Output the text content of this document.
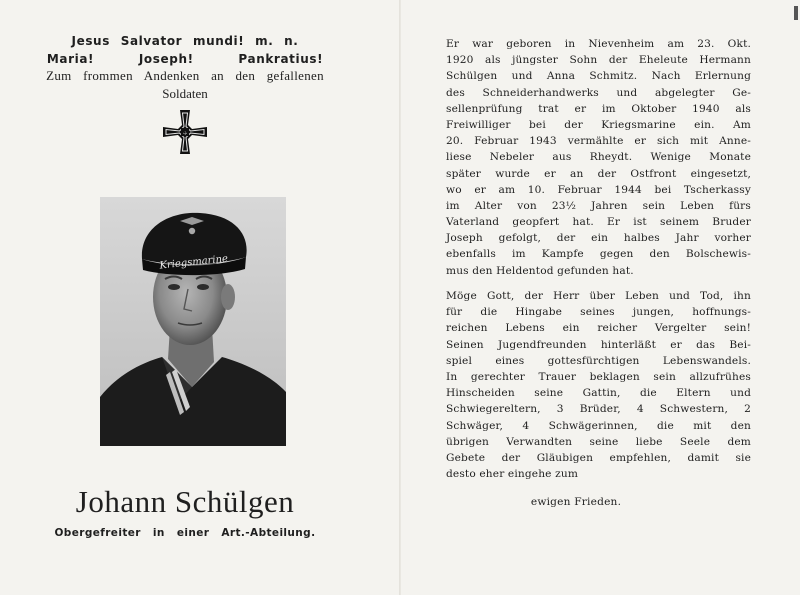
Jesus Salvator mundi! m. n.
Maria! Joseph! Pankratius!
Zum frommen Andenken an den gefallenen
Soldaten
☩
Kriegsmarine
Johann Schülgen
Obergefreiter in einer Art.-Abteilung.
Er war geboren in Nievenheim am 23. Okt.
1920 als jüngster Sohn der Eheleute Hermann
Schülgen und Anna Schmitz. Nach Erlernung
des Schneiderhandwerks und abgelegter Ge-
sellenprüfung trat er im Oktober 1940 als
Freiwilliger bei der Kriegsmarine ein. Am
20. Februar 1943 vermählte er sich mit Anne-
liese Nebeler aus Rheydt. Wenige Monate
später wurde er an der Ostfront eingesetzt,
wo er am 10. Februar 1944 bei Tscherkassy
im Alter von 23½ Jahren sein Leben fürs
Vaterland geopfert hat. Er ist seinem Bruder
Joseph gefolgt, der ein halbes Jahr vorher
ebenfalls im Kampfe gegen den Bolschewis-
mus den Heldentod gefunden hat.
Möge Gott, der Herr über Leben und Tod, ihn
für die Hingabe seines jungen, hoffnungs-
reichen Lebens ein reicher Vergelter sein!
Seinen Jugendfreunden hinterläßt er das Bei-
spiel eines gottesfürchtigen Lebenswandels.
In gerechter Trauer beklagen sein allzufrühes
Hinscheiden seine Gattin, die Eltern und
Schwiegereltern, 3 Brüder, 4 Schwestern, 2
Schwäger, 4 Schwägerinnen, die mit den
übrigen Verwandten seine liebe Seele dem
Gebete der Gläubigen empfehlen, damit sie
desto eher eingehe zum
ewigen Frieden.
